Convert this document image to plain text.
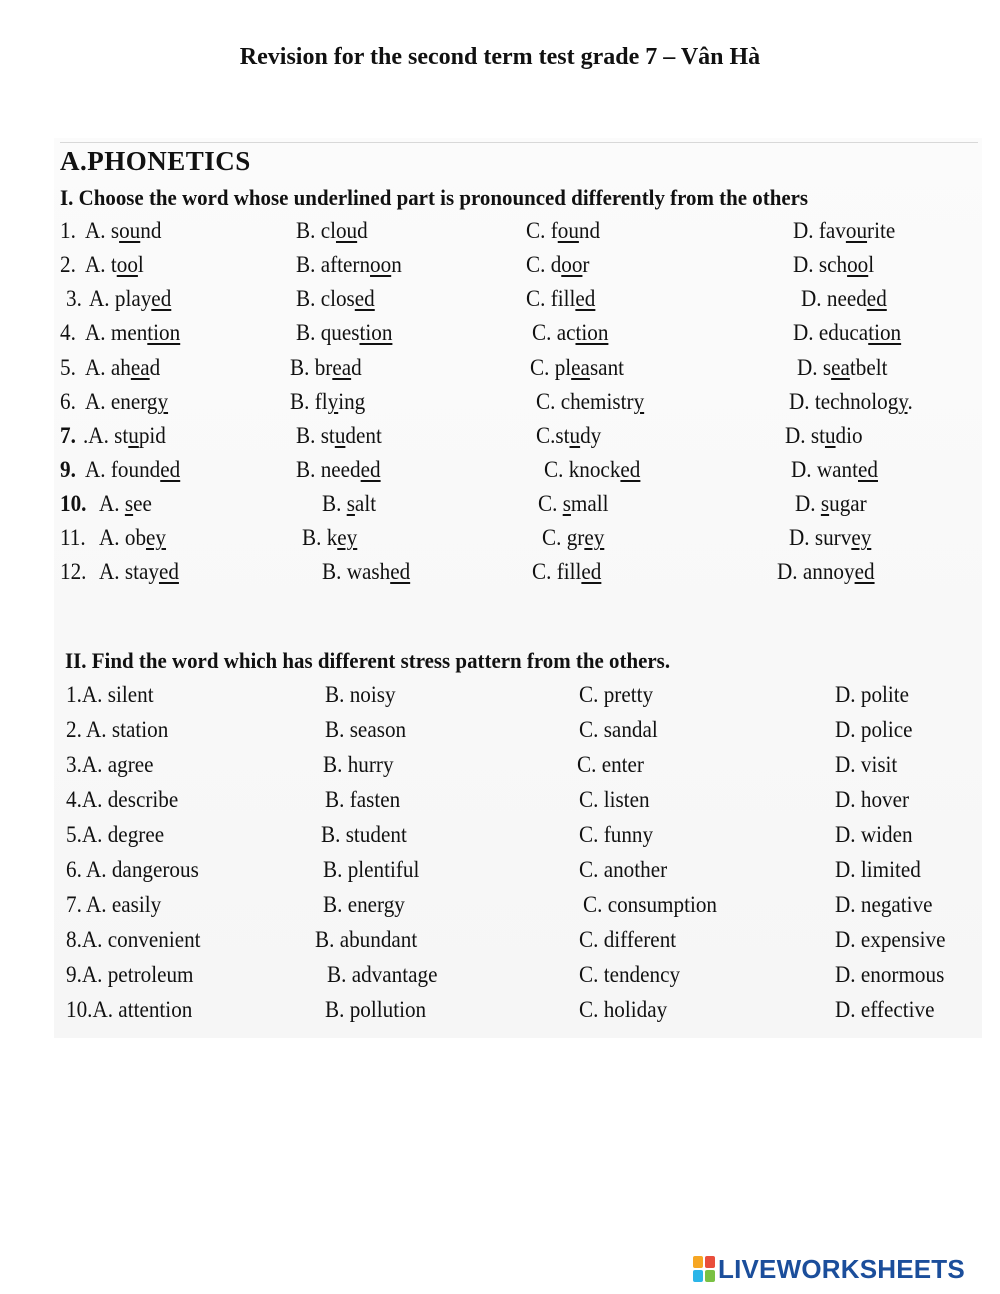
Revision for the second term test grade 7 – Vân Hà
A.PHONETICS
I. Choose the word whose underlined part is pronounced differently from the others
1. A. sound	B. cloud	C. found	D. favourite
2. A. tool	B. afternoon	C. door	D. school
3. A. played	B. closed	C. filled	D. needed
4. A. mention	B. question	C. action	D. education
5. A. ahead	B. bread	C. pleasant	D. seatbelt
6. A. energy	B. flying	C. chemistry	D. technology.
7. .A. stupid	B. student	C.study	D. studio
9. A. founded	B. needed	C. knocked	D. wanted
10. A. see	B. salt	C. small	D. sugar
11. A. obey	B. key	C. grey	D. survey
12. A. stayed	B. washed	C. filled	D. annoyed
II. Find the word which has different stress pattern from the others.
1.A. silent	B. noisy	C. pretty	D. polite
2. A. station	B. season	C. sandal	D. police
3.A. agree	B. hurry	C. enter	D. visit
4.A. describe	B. fasten	C. listen	D. hover
5.A. degree	B. student	C. funny	D. widen
6. A. dangerous	B. plentiful	C. another	D. limited
7. A. easily	B. energy	C. consumption	D. negative
8.A. convenient	B. abundant	C. different	D. expensive
9.A. petroleum	B. advantage	C. tendency	D. enormous
10.A. attention	B. pollution	C. holiday	D. effective
LIVEWORKSHEETS
